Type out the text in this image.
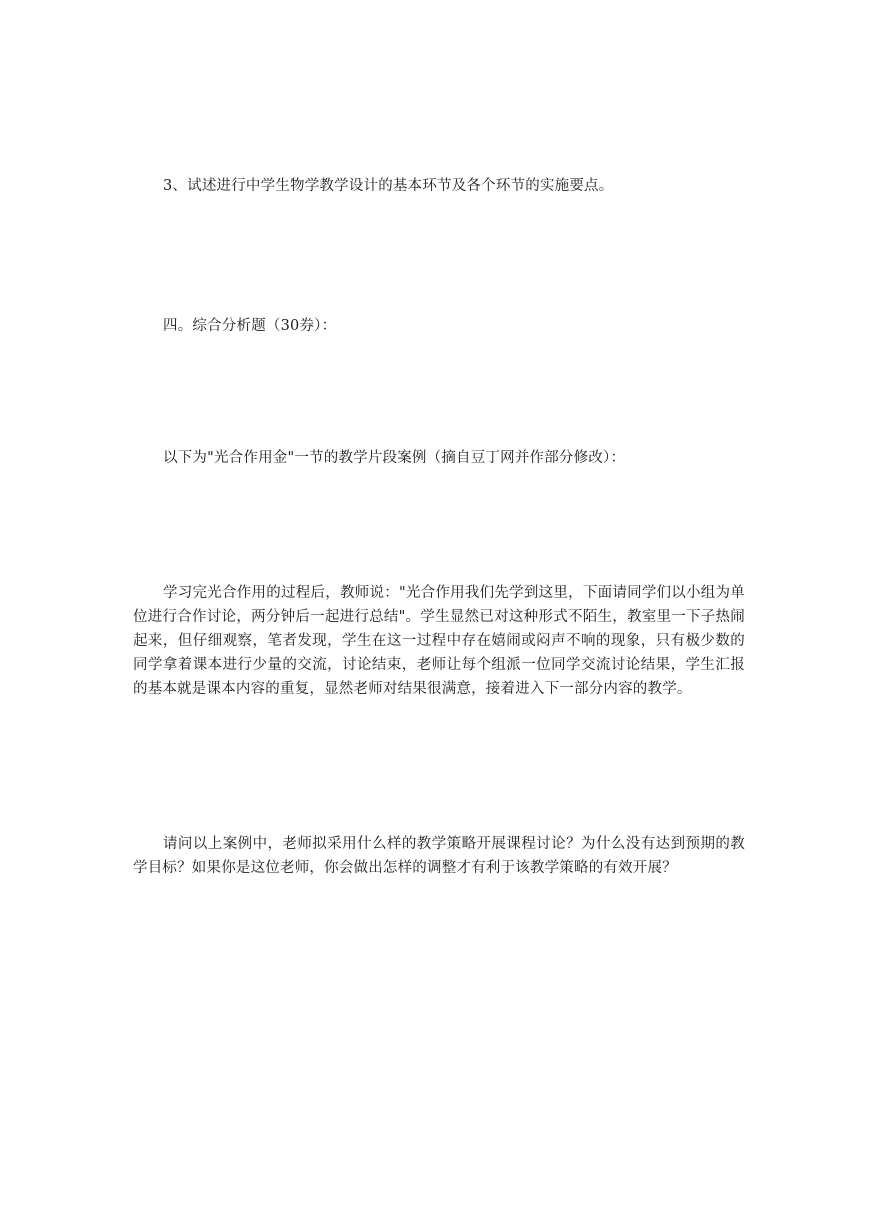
3、试述进行中学生物学教学设计的基本环节及各个环节的实施要点。

四。综合分析题（30券）：

以下为"光合作用金"一节的教学片段案例（摘自豆丁网并作部分修改）：

学习完光合作用的过程后，教师说："光合作用我们先学到这里，下面请同学们以小组为单位进行合作讨论，两分钟后一起进行总结"。学生显然已对这种形式不陌生，教室里一下子热闹起来，但仔细观察，笔者发现，学生在这一过程中存在嬉闹或闷声不响的现象，只有极少数的同学拿着课本进行少量的交流，讨论结束，老师让每个组派一位同学交流讨论结果，学生汇报的基本就是课本内容的重复，显然老师对结果很满意，接着进入下一部分内容的教学。

请问以上案例中，老师拟采用什么样的教学策略开展课程讨论？为什么没有达到预期的教学目标？如果你是这位老师，你会做出怎样的调整才有利于该教学策略的有效开展？
